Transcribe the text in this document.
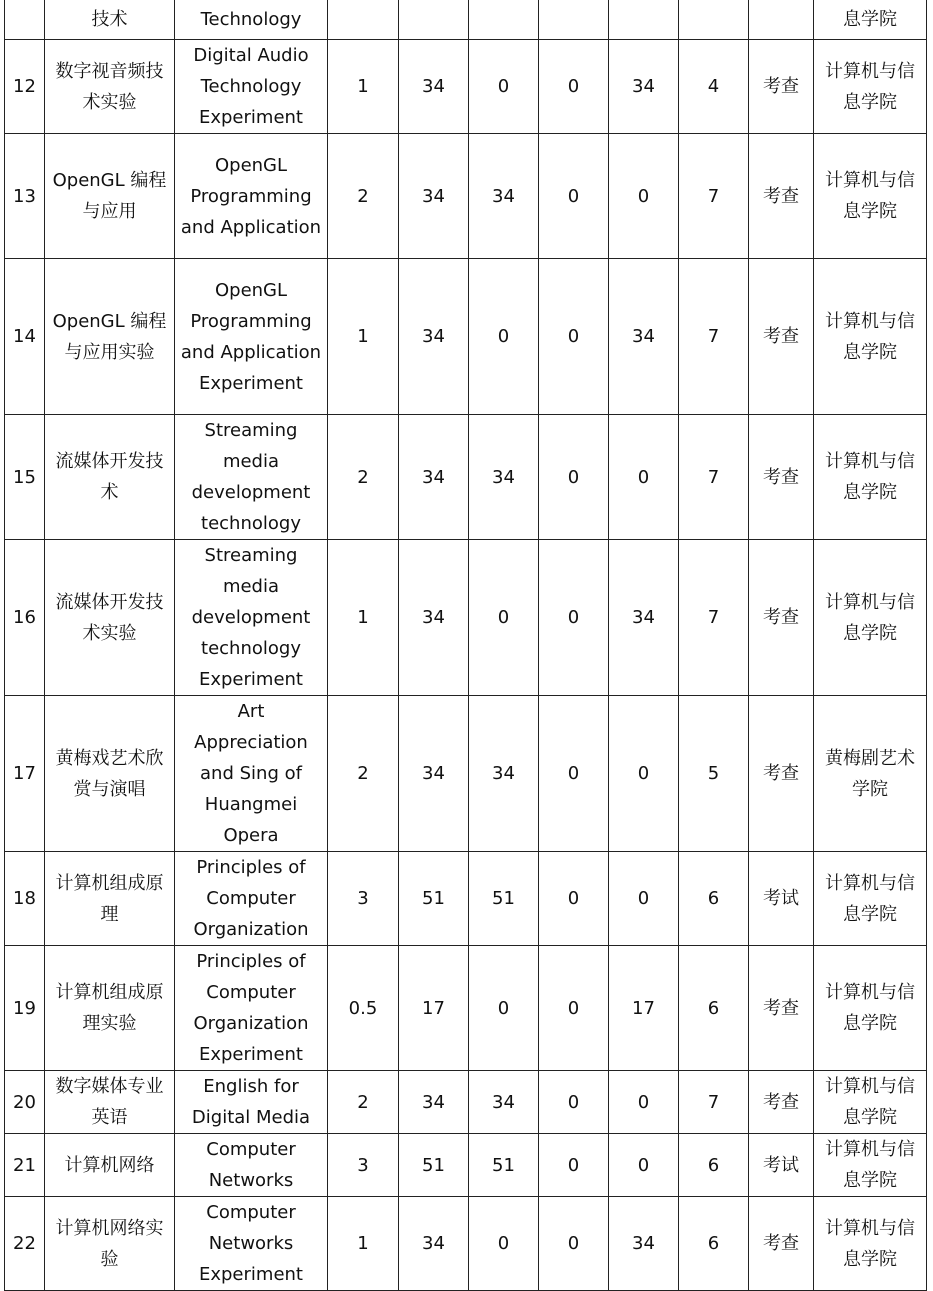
	技术	Technology								息学院
12	数字视音频技术实验	Digital Audio Technology Experiment	1	34	0	0	34	4	考查	计算机与信息学院
13	OpenGL 编程与应用	OpenGL Programming and Application	2	34	34	0	0	7	考查	计算机与信息学院
14	OpenGL 编程与应用实验	OpenGL Programming and Application Experiment	1	34	0	0	34	7	考查	计算机与信息学院
15	流媒体开发技术	Streaming media development technology	2	34	34	0	0	7	考查	计算机与信息学院
16	流媒体开发技术实验	Streaming media development technology Experiment	1	34	0	0	34	7	考查	计算机与信息学院
17	黄梅戏艺术欣赏与演唱	Art Appreciation and Sing of Huangmei Opera	2	34	34	0	0	5	考查	黄梅剧艺术学院
18	计算机组成原理	Principles of Computer Organization	3	51	51	0	0	6	考试	计算机与信息学院
19	计算机组成原理实验	Principles of Computer Organization Experiment	0.5	17	0	0	17	6	考查	计算机与信息学院
20	数字媒体专业英语	English for Digital Media	2	34	34	0	0	7	考查	计算机与信息学院
21	计算机网络	Computer Networks	3	51	51	0	0	6	考试	计算机与信息学院
22	计算机网络实验	Computer Networks Experiment	1	34	0	0	34	6	考查	计算机与信息学院
